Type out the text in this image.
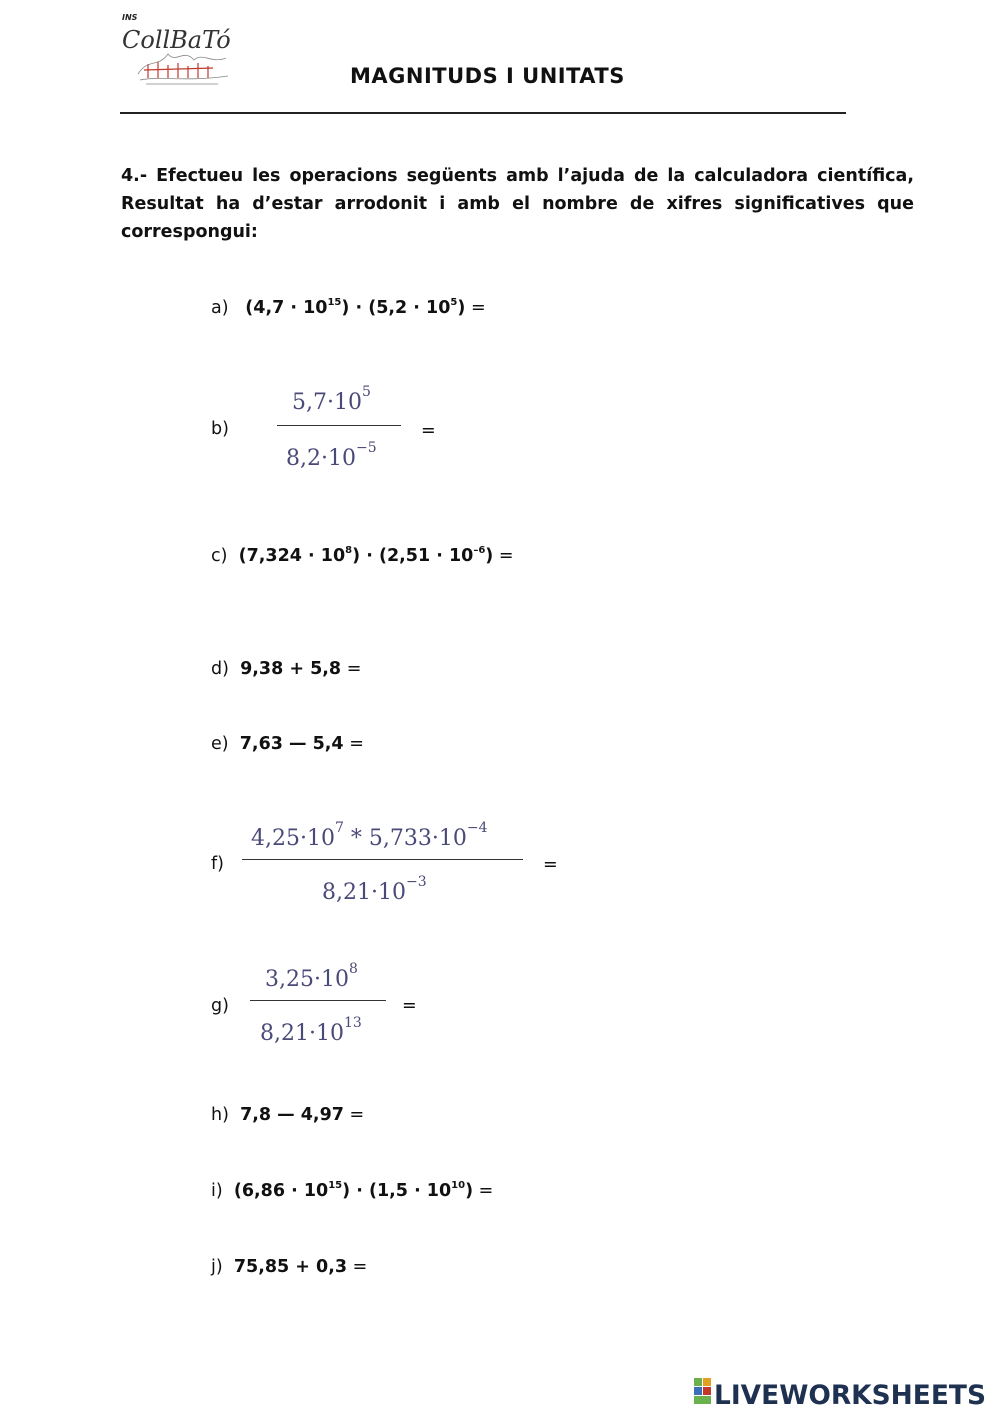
INS
CollBaTó
MAGNITUDS I UNITATS
4.- Efectueu les operacions següents amb l’ajuda de la calculadora científica, Resultat ha d’estar arrodonit i amb el nombre de xifres significatives que correspongui:
a) $(4,7 \cdot 10^{15}) \cdot (5,2 \cdot 10^5)$ =
b)
$5,7\cdot 10^5$
$8,2\cdot 10^{-5}$
=
c) $(7,324 \cdot 10^8) \cdot (2,51 \cdot 10^{-6})$ =
d) 9,38 + 5,8 =
e) 7,63 — 5,4 =
f)
$4,25\cdot 10^7 * 5,733\cdot 10^{-4}$
$8,21\cdot 10^{-3}$
=
g)
$3,25\cdot 10^8$
$8,21\cdot 10^{13}$
=
h) 7,8 — 4,97 =
i) $(6,86 \cdot 10^{15}) \cdot (1,5 \cdot 10^{10})$ =
j) 75,85 + 0,3 =
LIVEWORKSHEETS
